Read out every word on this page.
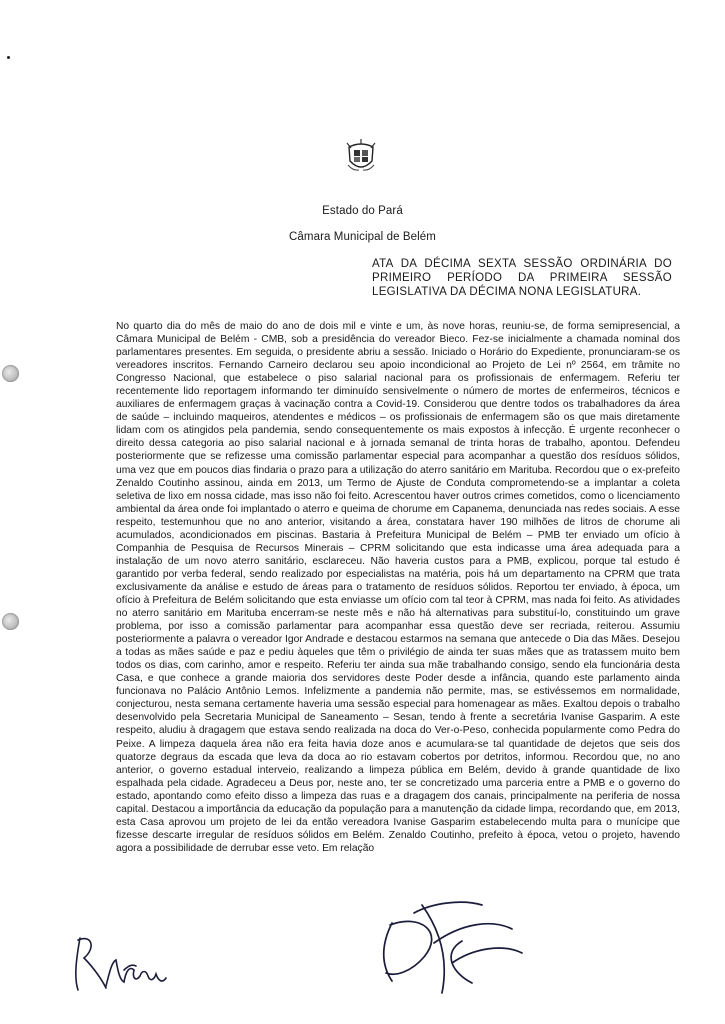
Estado do Pará
Câmara Municipal de Belém
ATA DA DÉCIMA SEXTA SESSÃO ORDINÁRIA DO PRIMEIRO PERÍODO DA PRIMEIRA SESSÃO LEGISLATIVA DA DÉCIMA NONA LEGISLATURA.
No quarto dia do mês de maio do ano de dois mil e vinte e um, às nove horas, reuniu-se, de forma semipresencial, a Câmara Municipal de Belém - CMB, sob a presidência do vereador Bieco. Fez-se inicialmente a chamada nominal dos parlamentares presentes. Em seguida, o presidente abriu a sessão. Iniciado o Horário do Expediente, pronunciaram-se os vereadores inscritos. Fernando Carneiro declarou seu apoio incondicional ao Projeto de Lei nº 2564, em trâmite no Congresso Nacional, que estabelece o piso salarial nacional para os profissionais de enfermagem. Referiu ter recentemente lido reportagem informando ter diminuído sensivelmente o número de mortes de enfermeiros, técnicos e auxiliares de enfermagem graças à vacinação contra a Covid-19. Considerou que dentre todos os trabalhadores da área de saúde – incluindo maqueiros, atendentes e médicos – os profissionais de enfermagem são os que mais diretamente lidam com os atingidos pela pandemia, sendo consequentemente os mais expostos à infecção. É urgente reconhecer o direito dessa categoria ao piso salarial nacional e à jornada semanal de trinta horas de trabalho, apontou. Defendeu posteriormente que se refizesse uma comissão parlamentar especial para acompanhar a questão dos resíduos sólidos, uma vez que em poucos dias findaria o prazo para a utilização do aterro sanitário em Marituba. Recordou que o ex-prefeito Zenaldo Coutinho assinou, ainda em 2013, um Termo de Ajuste de Conduta comprometendo-se a implantar a coleta seletiva de lixo em nossa cidade, mas isso não foi feito. Acrescentou haver outros crimes cometidos, como o licenciamento ambiental da área onde foi implantado o aterro e queima de chorume em Capanema, denunciada nas redes sociais. A esse respeito, testemunhou que no ano anterior, visitando a área, constatara haver 190 milhões de litros de chorume ali acumulados, acondicionados em piscinas. Bastaria à Prefeitura Municipal de Belém – PMB ter enviado um ofício à Companhia de Pesquisa de Recursos Minerais – CPRM solicitando que esta indicasse uma área adequada para a instalação de um novo aterro sanitário, esclareceu. Não haveria custos para a PMB, explicou, porque tal estudo é garantido por verba federal, sendo realizado por especialistas na matéria, pois há um departamento na CPRM que trata exclusivamente da análise e estudo de áreas para o tratamento de resíduos sólidos. Reportou ter enviado, à época, um ofício à Prefeitura de Belém solicitando que esta enviasse um ofício com tal teor à CPRM, mas nada foi feito. As atividades no aterro sanitário em Marituba encerram-se neste mês e não há alternativas para substituí-lo, constituindo um grave problema, por isso a comissão parlamentar para acompanhar essa questão deve ser recriada, reiterou. Assumiu posteriormente a palavra o vereador Igor Andrade e destacou estarmos na semana que antecede o Dia das Mães. Desejou a todas as mães saúde e paz e pediu àqueles que têm o privilégio de ainda ter suas mães que as tratassem muito bem todos os dias, com carinho, amor e respeito. Referiu ter ainda sua mãe trabalhando consigo, sendo ela funcionária desta Casa, e que conhece a grande maioria dos servidores deste Poder desde a infância, quando este parlamento ainda funcionava no Palácio Antônio Lemos. Infelizmente a pandemia não permite, mas, se estivéssemos em normalidade, conjecturou, nesta semana certamente haveria uma sessão especial para homenagear as mães. Exaltou depois o trabalho desenvolvido pela Secretaria Municipal de Saneamento – Sesan, tendo à frente a secretária Ivanise Gasparim. A este respeito, aludiu à dragagem que estava sendo realizada na doca do Ver-o-Peso, conhecida popularmente como Pedra do Peixe. A limpeza daquela área não era feita havia doze anos e acumulara-se tal quantidade de dejetos que seis dos quatorze degraus da escada que leva da doca ao rio estavam cobertos por detritos, informou. Recordou que, no ano anterior, o governo estadual interveio, realizando a limpeza pública em Belém, devido à grande quantidade de lixo espalhada pela cidade. Agradeceu a Deus por, neste ano, ter se concretizado uma parceria entre a PMB e o governo do estado, apontando como efeito disso a limpeza das ruas e a dragagem dos canais, principalmente na periferia de nossa capital. Destacou a importância da educação da população para a manutenção da cidade limpa, recordando que, em 2013, esta Casa aprovou um projeto de lei da então vereadora Ivanise Gasparim estabelecendo multa para o munícipe que fizesse descarte irregular de resíduos sólidos em Belém. Zenaldo Coutinho, prefeito à época, vetou o projeto, havendo agora a possibilidade de derrubar esse veto. Em relação
